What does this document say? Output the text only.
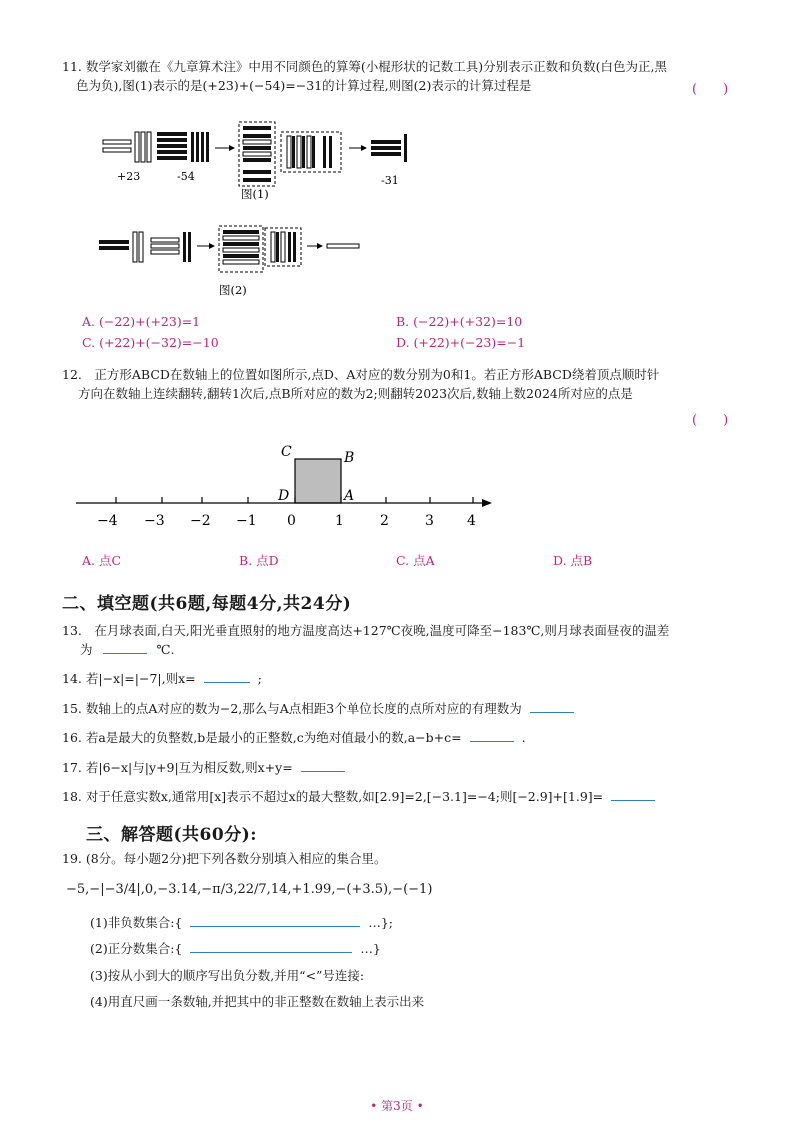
11. 数学家刘徽在《九章算术注》中用不同颜色的算筹(小棍形状的记数工具)分别表示正数和负数(白色为正,黑
色为负),图(1)表示的是(+23)+(−54)=−31的计算过程,则图(2)表示的计算过程是	(　　)
+23	-54	-31
图(1)
图(2)
A. (−22)+(+23)=1	B. (−22)+(+32)=10
C. (+22)+(−32)=−10	D. (+22)+(−23)=−1
12.　正方形ABCD在数轴上的位置如图所示,点D、A对应的数分别为0和1。若正方形ABCD绕着顶点顺时针
方向在数轴上连续翻转,翻转1次后,点B所对应的数为2;则翻转2023次后,数轴上数2024所对应的点是
(　　)
C	B
D	A
−4 −3 −2 −1 0	1	2	3 4
A. 点C	B. 点D	C. 点A	D. 点B
二、填空题(共6题,每题4分,共24分)
13.　在月球表面,白天,阳光垂直照射的地方温度高达+127℃夜晚,温度可降至−183℃,则月球表面昼夜的温差
为	℃.
14. 若|−x|=|−7|,则x=	;
15. 数轴上的点A对应的数为−2,那么与A点相距3个单位长度的点所对应的有理数为
16. 若a是最大的负整数,b是最小的正整数,c为绝对值最小的数,a−b+c=	.
17. 若|6−x|与|y+9|互为相反数,则x+y=
18. 对于任意实数x,通常用[x]表示不超过x的最大整数,如[2.9]=2,[−3.1]=−4;则[−2.9]+[1.9]=
三、解答题(共60分):
19. (8分。每小题2分)把下列各数分别填入相应的集合里。
−5,−|−3/4|,0,−3.14,−π/3,22/7,14,+1.99,−(+3.5),−(−1)
(1)非负数集合:{	…};
(2)正分数集合:{	…}
(3)按从小到大的顺序写出负分数,并用“<”号连接:
(4)用直尺画一条数轴,并把其中的非正整数在数轴上表示出来
• 第3页 •
